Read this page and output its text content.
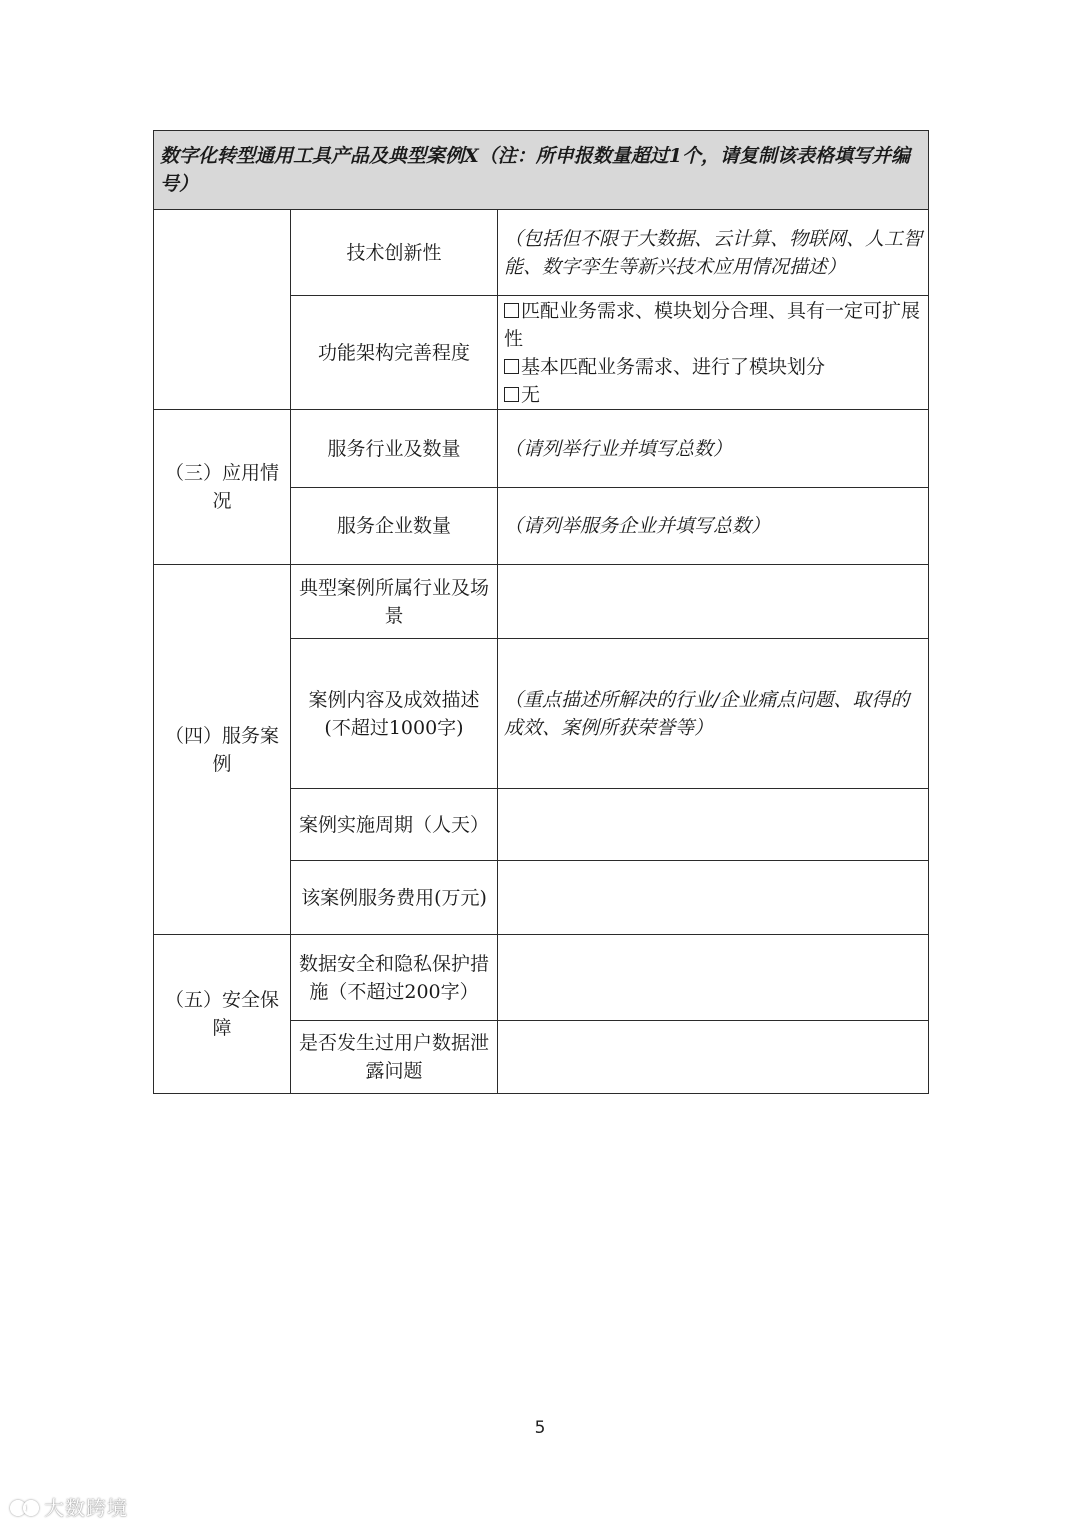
数字化转型通用工具产品及典型案例X（注：所申报数量超过1个，请复制该表格填写并编号）		
	技术创新性	（包括但不限于大数据、云计算、物联网、人工智能、数字孪生等新兴技术应用情况描述）
	功能架构完善程度	匹配业务需求、模块划分合理、具有一定可扩展性
基本匹配业务需求、进行了模块划分
无

（三）应用情况	服务行业及数量	（请列举行业并填写总数）
	服务企业数量	（请列举服务企业并填写总数）
（四）服务案例	典型案例所属行业及场景	
	案例内容及成效描述(不超过1000字)	（重点描述所解决的行业/企业痛点问题、取得的成效、案例所获荣誉等）
	案例实施周期（人天）	
	该案例服务费用(万元)	
（五）安全保障	数据安全和隐私保护措施（不超过200字）	
	是否发生过用户数据泄露问题	
5
大数跨境
